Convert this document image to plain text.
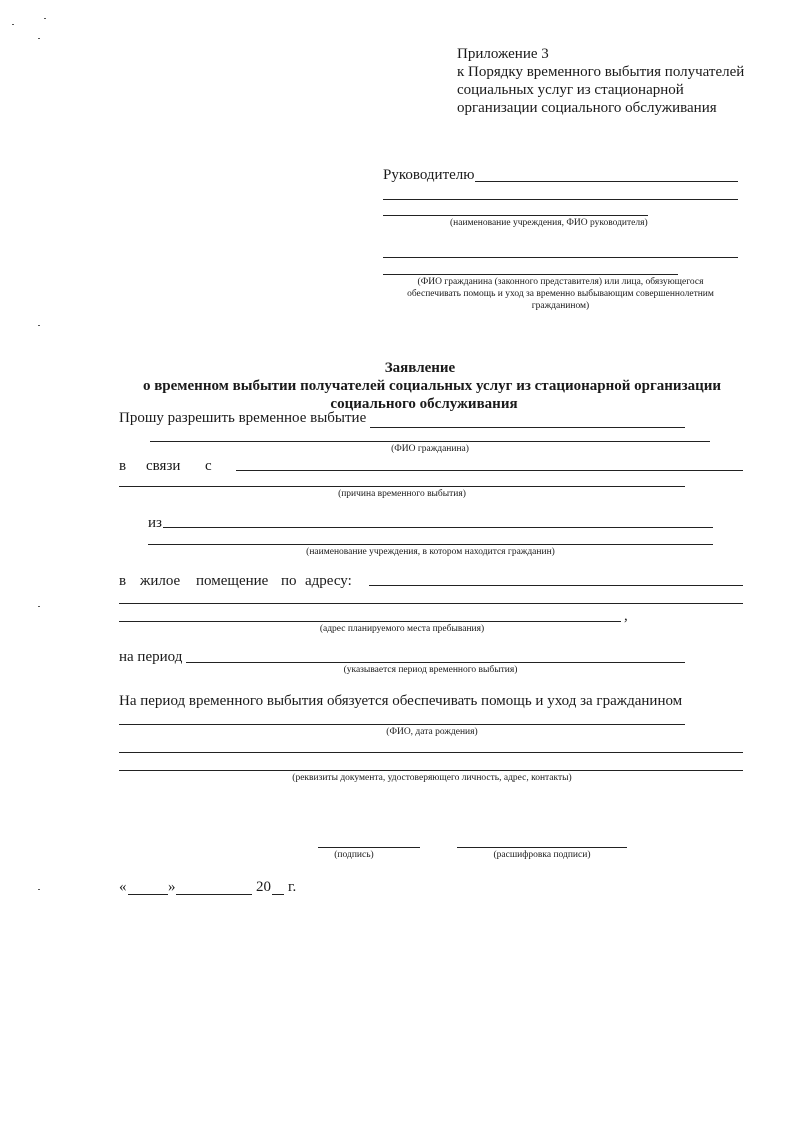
Приложение 3
к Порядку временного выбытия получателей
социальных услуг из стационарной
организации социального обслуживания
Руководителю
(наименование учреждения, ФИО руководителя)
(ФИО гражданина (законного представителя) или лица, обязующегося
обеспечивать помощь и уход за временно выбывающим совершеннолетним
гражданином)
Заявление
о временном выбытии получателей социальных услуг из стационарной организации
социального обслуживания
Прошу разрешить временное выбытие
(ФИО гражданина)
в связи с
(причина временного выбытия)
из
(наименование учреждения, в котором находится гражданин)
в жилое помещение по адресу:
,
(адрес планируемого места пребывания)
на период
(указывается период временного выбытия)
На период временного выбытия обязуется обеспечивать помощь и уход за гражданином
(ФИО, дата рождения)
(реквизиты документа, удостоверяющего личность, адрес, контакты)
(подпись)	(расшифровка подписи)
«	»	20 г.
